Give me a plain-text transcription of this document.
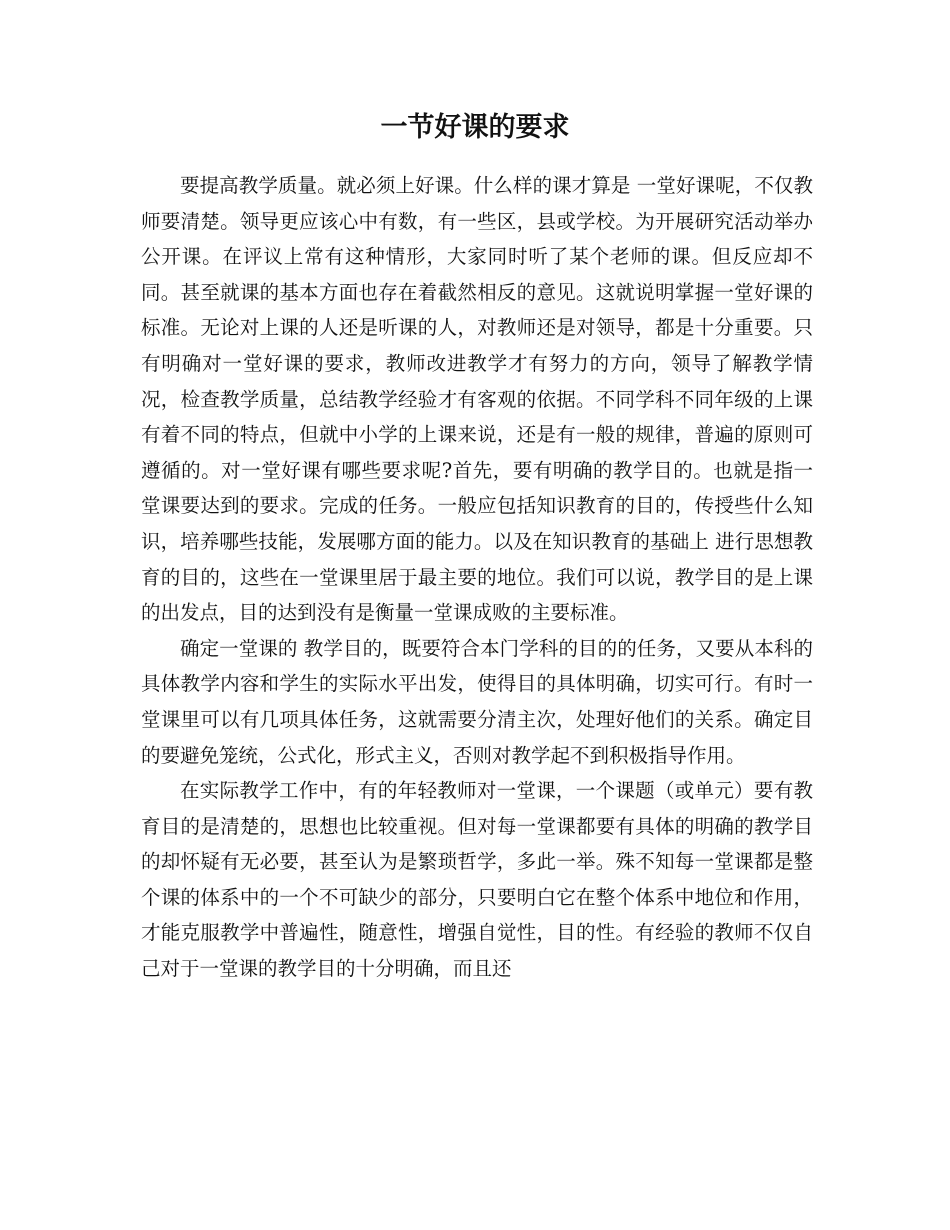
一节好课的要求

要提高教学质量。就必须上好课。什么样的课才算是 一堂好课呢，不仅教师要清楚。领导更应该心中有数，有一些区，县或学校。为开展研究活动举办公开课。在评议上常有这种情形，大家同时听了某个老师的课。但反应却不同。甚至就课的基本方面也存在着截然相反的意见。这就说明掌握一堂好课的标准。无论对上课的人还是听课的人，对教师还是对领导，都是十分重要。只有明确对一堂好课的要求，教师改进教学才有努力的方向，领导了解教学情况，检查教学质量，总结教学经验才有客观的依据。不同学科不同年级的上课有着不同的特点，但就中小学的上课来说，还是有一般的规律，普遍的原则可遵循的。对一堂好课有哪些要求呢?首先，要有明确的教学目的。也就是指一堂课要达到的要求。完成的任务。一般应包括知识教育的目的，传授些什么知识，培养哪些技能，发展哪方面的能力。以及在知识教育的基础上 进行思想教育的目的，这些在一堂课里居于最主要的地位。我们可以说，教学目的是上课的出发点，目的达到没有是衡量一堂课成败的主要标准。

确定一堂课的 教学目的，既要符合本门学科的目的的任务，又要从本科的具体教学内容和学生的实际水平出发，使得目的具体明确，切实可行。有时一堂课里可以有几项具体任务，这就需要分清主次，处理好他们的关系。确定目的要避免笼统，公式化，形式主义，否则对教学起不到积极指导作用。

在实际教学工作中，有的年轻教师对一堂课，一个课题（或单元）要有教育目的是清楚的，思想也比较重视。但对每一堂课都要有具体的明确的教学目的却怀疑有无必要，甚至认为是繁琐哲学，多此一举。殊不知每一堂课都是整个课的体系中的一个不可缺少的部分，只要明白它在整个体系中地位和作用，才能克服教学中普遍性，随意性，增强自觉性，目的性。有经验的教师不仅自己对于一堂课的教学目的十分明确，而且还
